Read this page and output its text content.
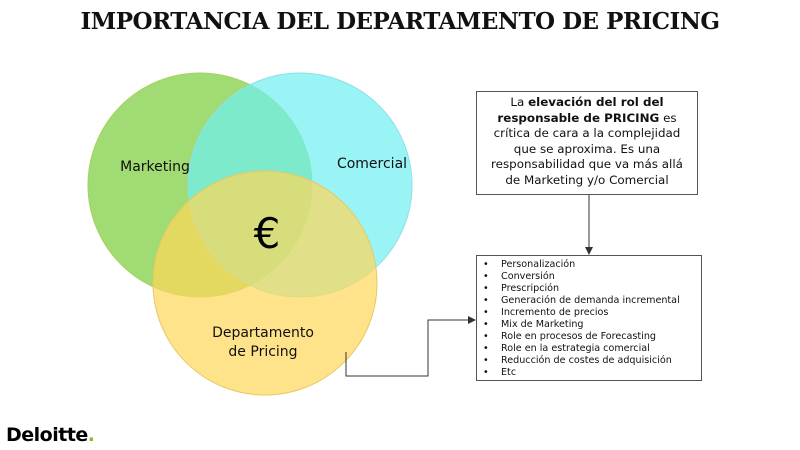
IMPORTANCIA DEL DEPARTAMENTO DE PRICING
Marketing	Comercial
Departamento
de Pricing
€
La elevación del rol del responsable de PRICING es crítica de cara a la complejidad que se aproxima. Es una responsabilidad que va más allá de Marketing y/o Comercial
• Personalización
• Conversión
• Prescripción
• Generación de demanda incremental
• Incremento de precios
• Mix de Marketing
• Role en procesos de Forecasting
• Role en la estrategia comercial
• Reducción de costes de adquisición
• Etc
Deloitte.
